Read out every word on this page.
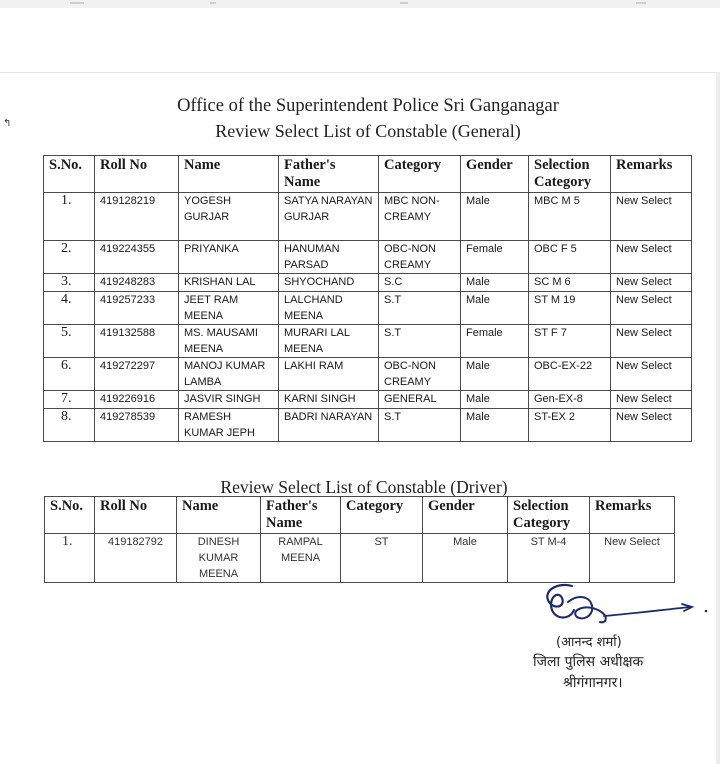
↰
Office of the Superintendent Police Sri Ganganagar
Review Select List of Constable (General)
S.No.	Roll No	Name	Father's Name	Category	Gender	Selection Category	Remarks
1.	419128219	YOGESH GURJAR	SATYA NARAYAN GURJAR	MBC NON-CREAMY	Male	MBC M 5	New Select
2.	419224355	PRIYANKA	HANUMAN PARSAD	OBC-NON CREAMY	Female	OBC F 5	New Select
3.	419248283	KRISHAN LAL	SHYOCHAND	S.C	Male	SC M 6	New Select
4.	419257233	JEET RAM MEENA	LALCHAND MEENA	S.T	Male	ST M 19	New Select
5.	419132588	MS. MAUSAMI MEENA	MURARI LAL MEENA	S.T	Female	ST F 7	New Select
6.	419272297	MANOJ KUMAR LAMBA	LAKHI RAM	OBC-NON CREAMY	Male	OBC-EX-22	New Select
7.	419226916	JASVIR SINGH	KARNI SINGH	GENERAL	Male	Gen-EX-8	New Select
8.	419278539	RAMESH KUMAR JEPH	BADRI NARAYAN	S.T	Male	ST-EX 2	New Select
Review Select List of Constable (Driver)
S.No.	Roll No	Name	Father's Name	Category	Gender	Selection Category	Remarks
1.	419182792	DINESH KUMAR MEENA	RAMPAL MEENA	ST	Male	ST M-4	New Select
(आनन्द शर्मा)
जिला पुलिस अधीक्षक
श्रीगंगानगर।
